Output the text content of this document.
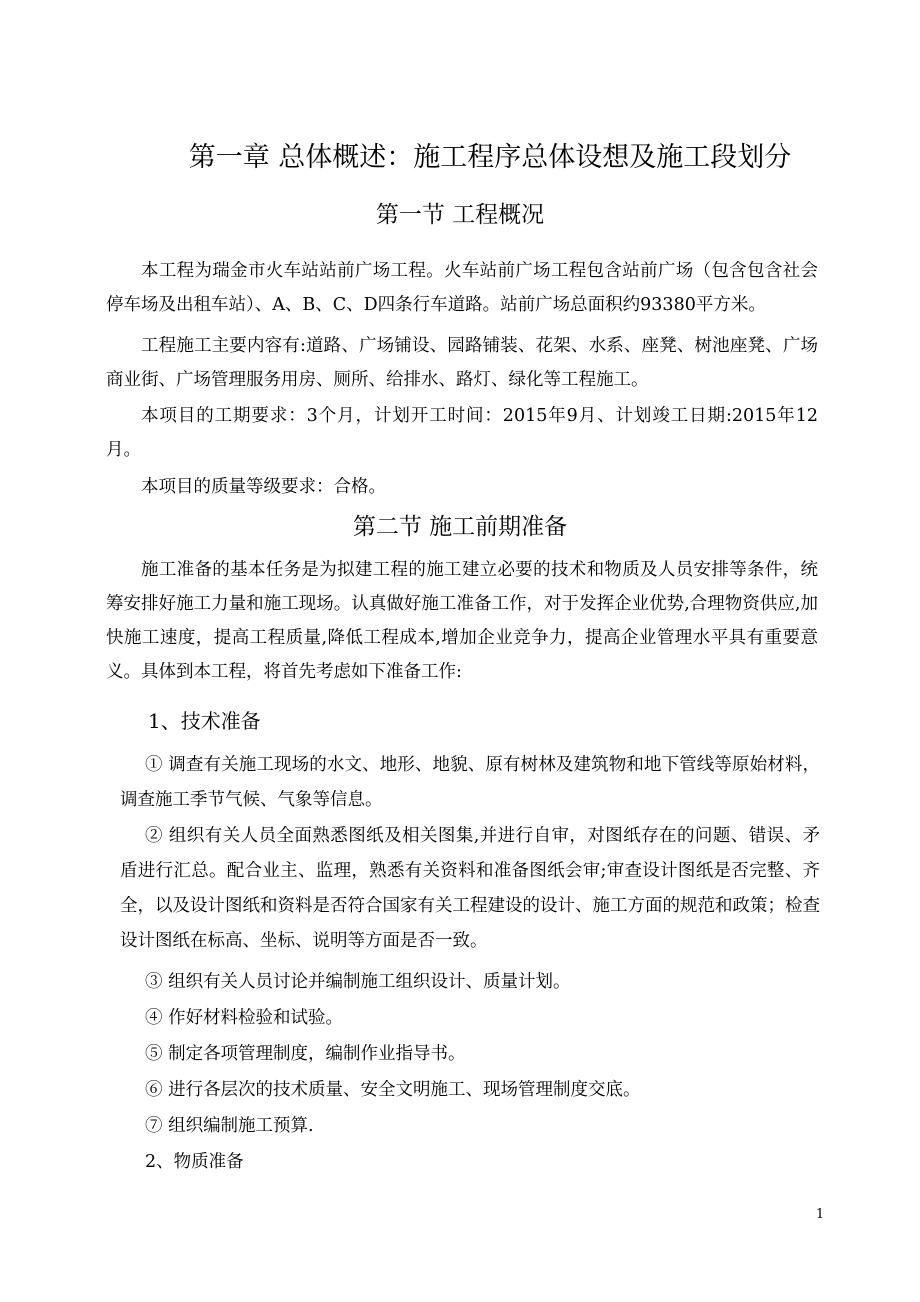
第一章 总体概述：施工程序总体设想及施工段划分
第一节 工程概况

本工程为瑞金市火车站站前广场工程。火车站前广场工程包含站前广场（包含包含社会停车场及出租车站）、A、B、C、D四条行车道路。站前广场总面积约93380平方米。

工程施工主要内容有:道路、广场铺设、园路铺装、花架、水系、座凳、树池座凳、广场商业街、广场管理服务用房、厕所、给排水、路灯、绿化等工程施工。

本项目的工期要求：3个月，计划开工时间：2015年9月、计划竣工日期:2015年12月。

本项目的质量等级要求：合格。

第二节 施工前期准备

施工准备的基本任务是为拟建工程的施工建立必要的技术和物质及人员安排等条件，统筹安排好施工力量和施工现场。认真做好施工准备工作，对于发挥企业优势,合理物资供应,加快施工速度，提高工程质量,降低工程成本,增加企业竞争力，提高企业管理水平具有重要意义。具体到本工程，将首先考虑如下准备工作:

1、技术准备

① 调查有关施工现场的水文、地形、地貌、原有树林及建筑物和地下管线等原始材料，调查施工季节气候、气象等信息。

② 组织有关人员全面熟悉图纸及相关图集,并进行自审，对图纸存在的问题、错误、矛盾进行汇总。配合业主、监理，熟悉有关资料和准备图纸会审;审查设计图纸是否完整、齐全，以及设计图纸和资料是否符合国家有关工程建设的设计、施工方面的规范和政策；检查设计图纸在标高、坐标、说明等方面是否一致。

③ 组织有关人员讨论并编制施工组织设计、质量计划。

④ 作好材料检验和试验。

⑤ 制定各项管理制度，编制作业指导书。

⑥ 进行各层次的技术质量、安全文明施工、现场管理制度交底。

⑦ 组织编制施工预算.

2、物质准备
1
